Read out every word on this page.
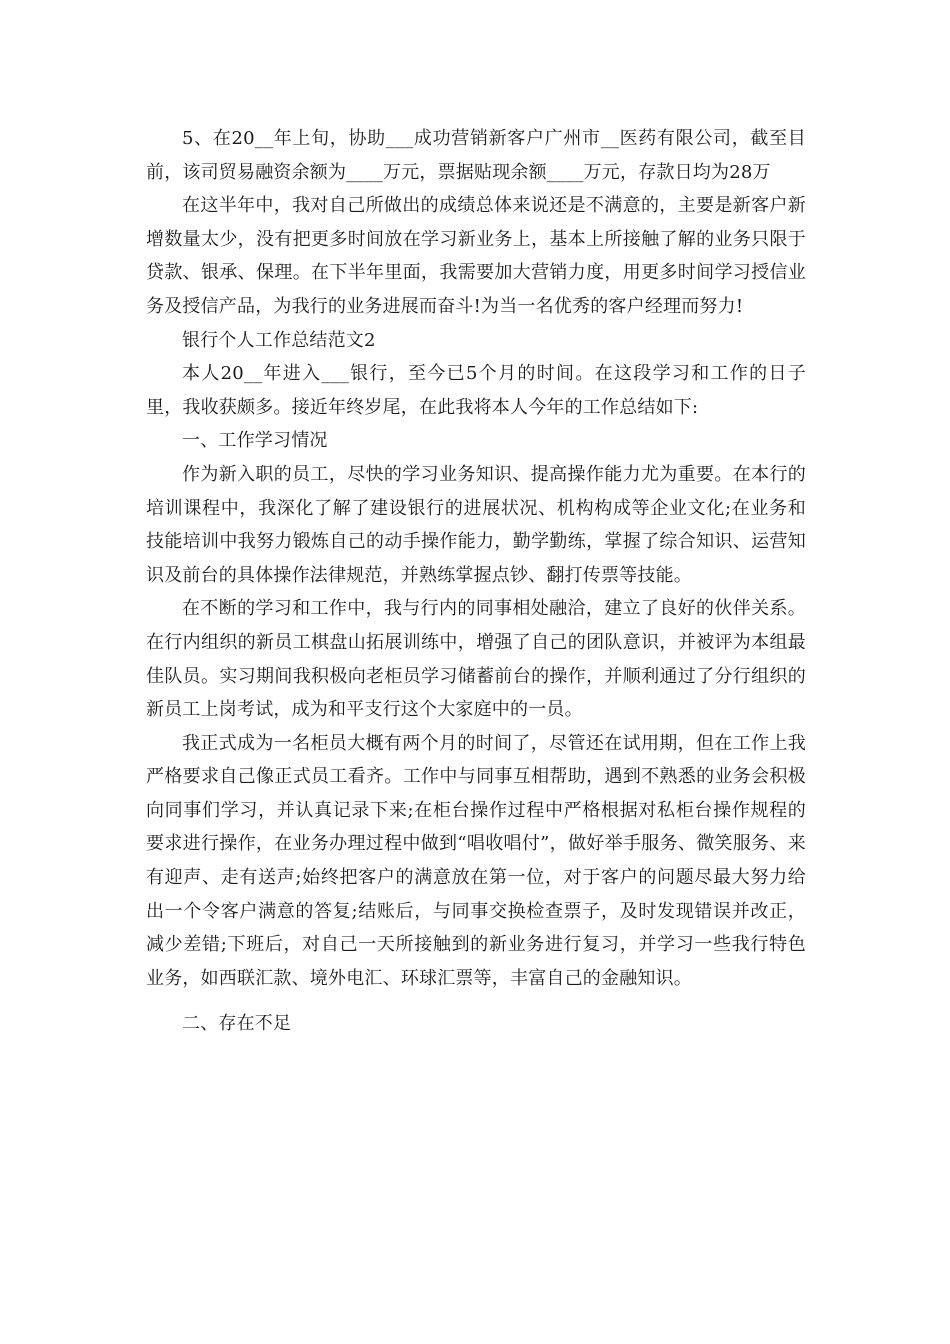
5、在20__年上旬，协助___成功营销新客户广州市__医药有限公司，截至目前，该司贸易融资余额为____万元，票据贴现余额____万元，存款日均为28万

在这半年中，我对自己所做出的成绩总体来说还是不满意的，主要是新客户新增数量太少，没有把更多时间放在学习新业务上，基本上所接触了解的业务只限于贷款、银承、保理。在下半年里面，我需要加大营销力度，用更多时间学习授信业务及授信产品，为我行的业务进展而奋斗!为当一名优秀的客户经理而努力!

银行个人工作总结范文2

本人20__年进入___银行，至今已5个月的时间。在这段学习和工作的日子里，我收获颇多。接近年终岁尾，在此我将本人今年的工作总结如下:

一、工作学习情况

作为新入职的员工，尽快的学习业务知识、提高操作能力尤为重要。在本行的培训课程中，我深化了解了建设银行的进展状况、机构构成等企业文化;在业务和技能培训中我努力锻炼自己的动手操作能力，勤学勤练，掌握了综合知识、运营知识及前台的具体操作法律规范，并熟练掌握点钞、翻打传票等技能。

在不断的学习和工作中，我与行内的同事相处融洽，建立了良好的伙伴关系。在行内组织的新员工棋盘山拓展训练中，增强了自己的团队意识，并被评为本组最佳队员。实习期间我积极向老柜员学习储蓄前台的操作，并顺利通过了分行组织的新员工上岗考试，成为和平支行这个大家庭中的一员。

我正式成为一名柜员大概有两个月的时间了，尽管还在试用期，但在工作上我严格要求自己像正式员工看齐。工作中与同事互相帮助，遇到不熟悉的业务会积极向同事们学习，并认真记录下来;在柜台操作过程中严格根据对私柜台操作规程的要求进行操作，在业务办理过程中做到“唱收唱付”，做好举手服务、微笑服务、来有迎声、走有送声;始终把客户的满意放在第一位，对于客户的问题尽最大努力给出一个令客户满意的答复;结账后，与同事交换检查票子，及时发现错误并改正，减少差错;下班后，对自己一天所接触到的新业务进行复习，并学习一些我行特色业务，如西联汇款、境外电汇、环球汇票等，丰富自己的金融知识。

二、存在不足
